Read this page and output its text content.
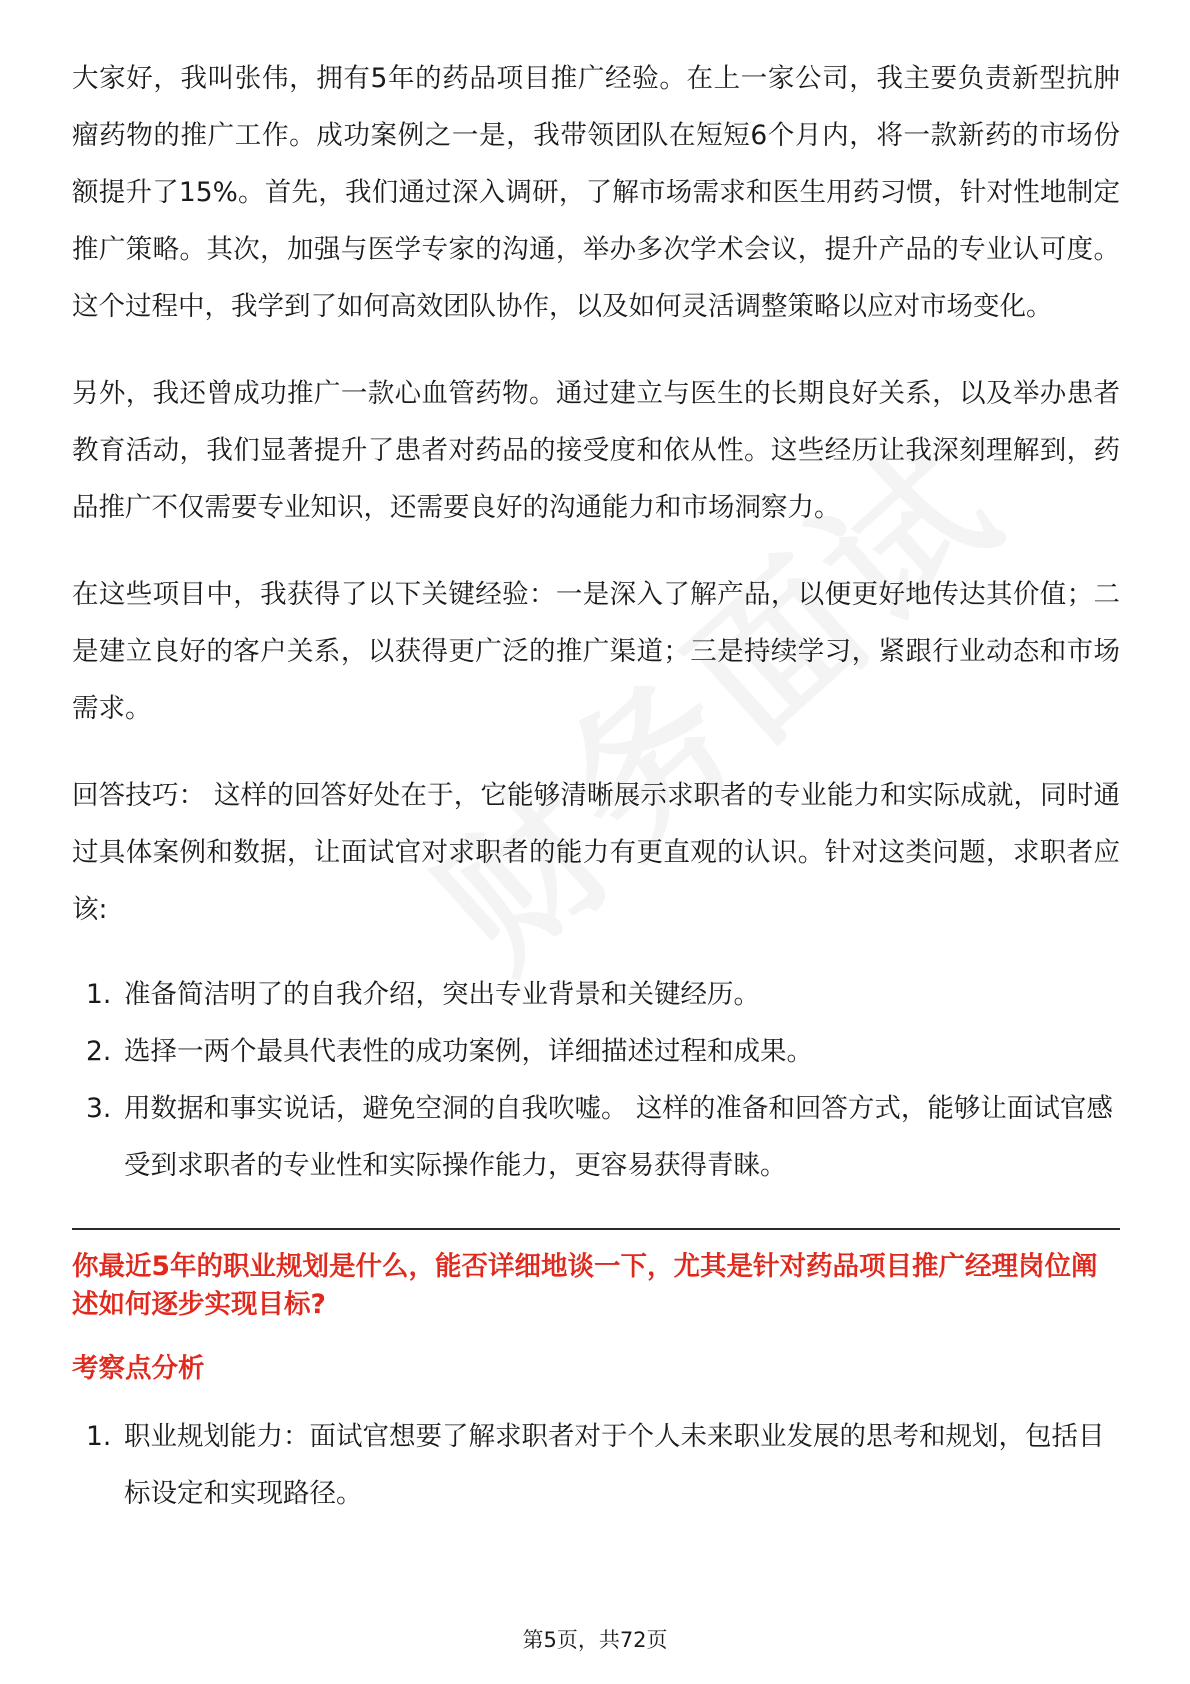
大家好，我叫张伟，拥有5年的药品项目推广经验。在上一家公司，我主要负责新型抗肿瘤药物的推广工作。成功案例之一是，我带领团队在短短6个月内，将一款新药的市场份额提升了15%。首先，我们通过深入调研，了解市场需求和医生用药习惯，针对性地制定推广策略。其次，加强与医学专家的沟通，举办多次学术会议，提升产品的专业认可度。这个过程中，我学到了如何高效团队协作，以及如何灵活调整策略以应对市场变化。

另外，我还曾成功推广一款心血管药物。通过建立与医生的长期良好关系，以及举办患者教育活动，我们显著提升了患者对药品的接受度和依从性。这些经历让我深刻理解到，药品推广不仅需要专业知识，还需要良好的沟通能力和市场洞察力。

在这些项目中，我获得了以下关键经验：一是深入了解产品，以便更好地传达其价值；二是建立良好的客户关系，以获得更广泛的推广渠道；三是持续学习，紧跟行业动态和市场需求。

回答技巧： 这样的回答好处在于，它能够清晰展示求职者的专业能力和实际成就，同时通过具体案例和数据，让面试官对求职者的能力有更直观的认识。针对这类问题，求职者应该:

1. 准备简洁明了的自我介绍，突出专业背景和关键经历。
2. 选择一两个最具代表性的成功案例，详细描述过程和成果。
3. 用数据和事实说话，避免空洞的自我吹嘘。 这样的准备和回答方式，能够让面试官感受到求职者的专业性和实际操作能力，更容易获得青睐。

你最近5年的职业规划是什么，能否详细地谈一下，尤其是针对药品项目推广经理岗位阐述如何逐步实现目标?

考察点分析

1. 职业规划能力：面试官想要了解求职者对于个人未来职业发展的思考和规划，包括目标设定和实现路径。
第5页，共72页
